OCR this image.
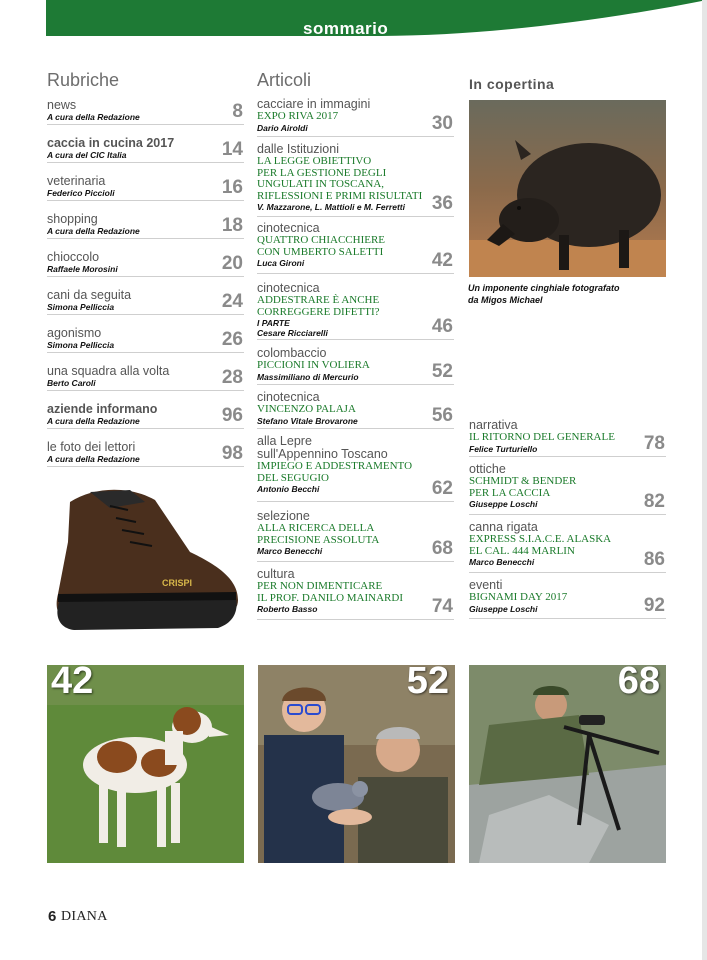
sommario
Rubriche	Articoli	In copertina
news
A cura della Redazione	8
caccia in cucina 2017
A cura del CIC Italia	14
veterinaria
Federico Piccioli	16
shopping
A cura della Redazione	18
chioccolo
Raffaele Morosini	20
cani da seguita
Simona Pelliccia	24
agonismo
Simona Pelliccia	26
una squadra alla volta
Berto Caroli	28
aziende informano
A cura della Redazione	96
le foto dei lettori
A cura della Redazione	98
cacciare in immagini
EXPO RIVA 2017
Dario Airoldi	30
dalle Istituzioni
LA LEGGE OBIETTIVO
PER LA GESTIONE DEGLI
UNGULATI IN TOSCANA,
RIFLESSIONI E PRIMI RISULTATI
V. Mazzarone, L. Mattioli e M. Ferretti 36
cinotecnica
QUATTRO CHIACCHIERE
CON UMBERTO SALETTI
Luca Gironi	42
cinotecnica
ADDESTRARE È ANCHE
CORREGGERE DIFETTI?
I PARTE
Cesare Ricciarelli	46
colombaccio
PICCIONI IN VOLIERA
Massimiliano di Mercurio	52
cinotecnica
VINCENZO PALAJA
Stefano Vitale Brovarone	56
alla Lepre
sull'Appennino Toscano
IMPIEGO E ADDESTRAMENTO
DEL SEGUGIO
Antonio Becchi	62
selezione
ALLA RICERCA DELLA
PRECISIONE ASSOLUTA
Marco Benecchi	68
cultura
PER NON DIMENTICARE
IL PROF. DANILO MAINARDI
Roberto Basso	74
narrativa
IL RITORNO DEL GENERALE
Felice Turturiello	78
ottiche
SCHMIDT & BENDER
PER LA CACCIA
Giuseppe Loschi	82
canna rigata
EXPRESS S.I.A.C.E. ALASKA
EL CAL. 444 MARLIN
Marco Benecchi	86
eventi
BIGNAMI DAY 2017
Giuseppe Loschi	92
Un imponente cinghiale fotografato
da Migos Michael
CRISPI
42	52	68
6 DIANA
